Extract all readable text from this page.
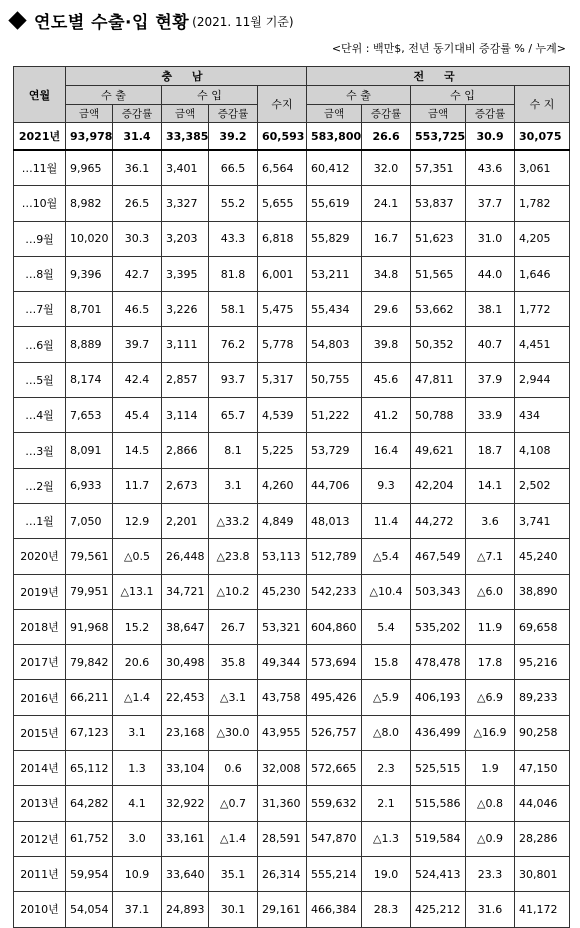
연도별 수출·입 현황 (2021. 11월 기준)
<단위 : 백만$, 전년 동기대비 증감률 % / 누계>
연월	충 남					전 국				
	수 출		수 입		수지	수 출		수 입		수 지
	금액	증감률	금액	증감률		금액	증감률	금액	증감률	
2021년	93,978	31.4	33,385	39.2	60,593	583,800	26.6	553,725	30.9	30,075
…11월	9,965	36.1	3,401	66.5	6,564	60,412	32.0	57,351	43.6	3,061
…10월	8,982	26.5	3,327	55.2	5,655	55,619	24.1	53,837	37.7	1,782
…9월	10,020	30.3	3,203	43.3	6,818	55,829	16.7	51,623	31.0	4,205
…8월	9,396	42.7	3,395	81.8	6,001	53,211	34.8	51,565	44.0	1,646
…7월	8,701	46.5	3,226	58.1	5,475	55,434	29.6	53,662	38.1	1,772
…6월	8,889	39.7	3,111	76.2	5,778	54,803	39.8	50,352	40.7	4,451
…5월	8,174	42.4	2,857	93.7	5,317	50,755	45.6	47,811	37.9	2,944
…4월	7,653	45.4	3,114	65.7	4,539	51,222	41.2	50,788	33.9	434
…3월	8,091	14.5	2,866	8.1	5,225	53,729	16.4	49,621	18.7	4,108
…2월	6,933	11.7	2,673	3.1	4,260	44,706	9.3	42,204	14.1	2,502
…1월	7,050	12.9	2,201	△33.2	4,849	48,013	11.4	44,272	3.6	3,741
2020년	79,561	△0.5	26,448	△23.8	53,113	512,789	△5.4	467,549	△7.1	45,240
2019년	79,951	△13.1	34,721	△10.2	45,230	542,233	△10.4	503,343	△6.0	38,890
2018년	91,968	15.2	38,647	26.7	53,321	604,860	5.4	535,202	11.9	69,658
2017년	79,842	20.6	30,498	35.8	49,344	573,694	15.8	478,478	17.8	95,216
2016년	66,211	△1.4	22,453	△3.1	43,758	495,426	△5.9	406,193	△6.9	89,233
2015년	67,123	3.1	23,168	△30.0	43,955	526,757	△8.0	436,499	△16.9	90,258
2014년	65,112	1.3	33,104	0.6	32,008	572,665	2.3	525,515	1.9	47,150
2013년	64,282	4.1	32,922	△0.7	31,360	559,632	2.1	515,586	△0.8	44,046
2012년	61,752	3.0	33,161	△1.4	28,591	547,870	△1.3	519,584	△0.9	28,286
2011년	59,954	10.9	33,640	35.1	26,314	555,214	19.0	524,413	23.3	30,801
2010년	54,054	37.1	24,893	30.1	29,161	466,384	28.3	425,212	31.6	41,172
